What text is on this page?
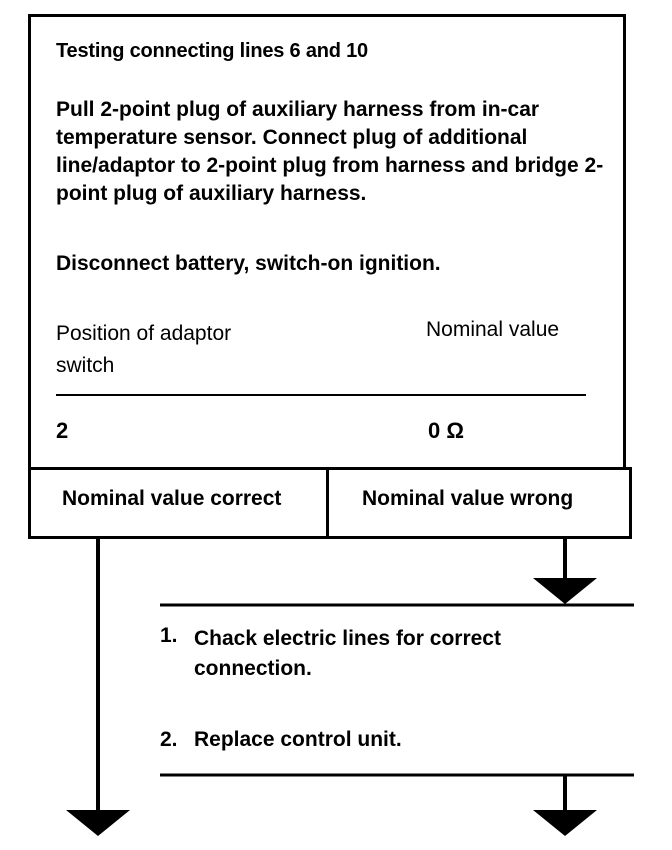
Testing connecting lines 6 and 10
Pull 2-point plug of auxiliary harness from in-car temperature sensor. Connect plug of additional line/adaptor to 2-point plug from harness and bridge 2-point plug of auxiliary harness.
Disconnect battery, switch-on ignition.
Position of adaptor switch
Nominal value
2	0 Ω
Nominal value correct	Nominal value wrong
1. Chack electric lines for correct connection.
2. Replace control unit.
